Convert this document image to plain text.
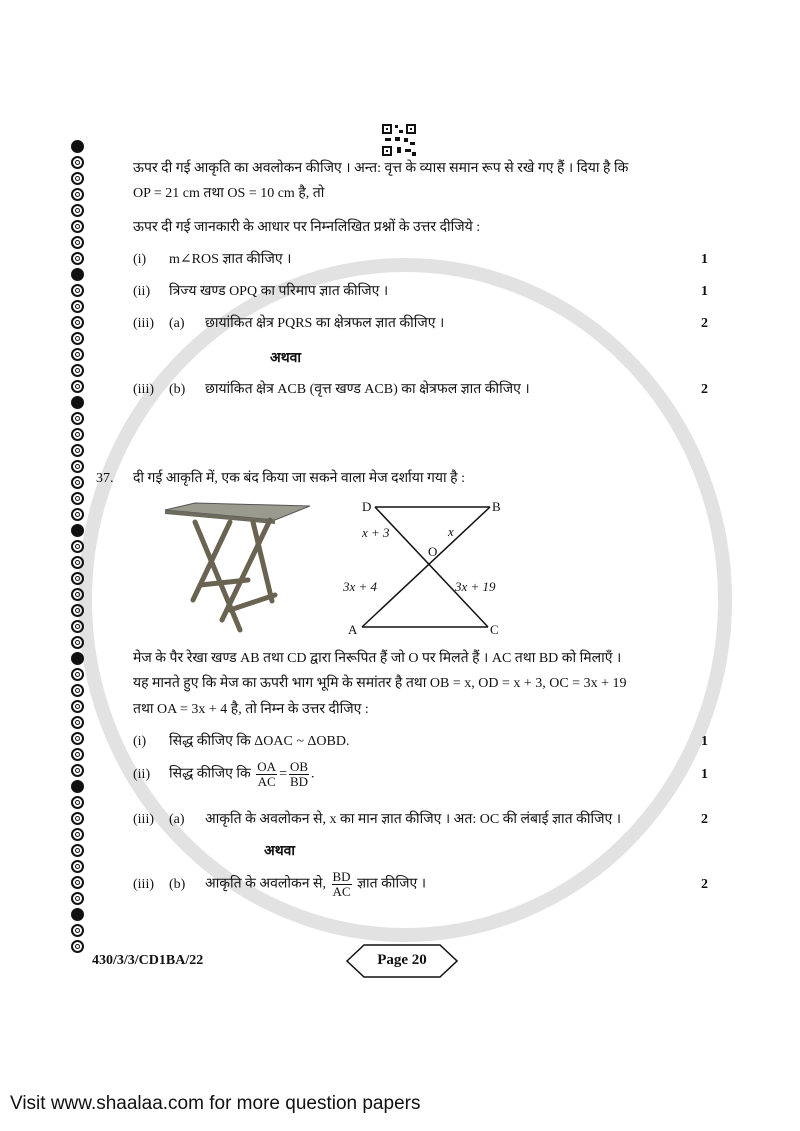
ऊपर दी गई आकृति का अवलोकन कीजिए । अन्त: वृत्त के व्यास समान रूप से रखे गए हैं । दिया है कि
OP = 21 cm तथा OS = 10 cm है, तो
ऊपर दी गई जानकारी के आधार पर निम्नलिखित प्रश्नों के उत्तर दीजिये :
(i) m∠ROS ज्ञात कीजिए ।	1
(ii) त्रिज्य खण्ड OPQ का परिमाप ज्ञात कीजिए ।	1
(iii) (a) छायांकित क्षेत्र PQRS का क्षेत्रफल ज्ञात कीजिए ।	2
अथवा
(iii) (b) छायांकित क्षेत्र ACB (वृत्त खण्ड ACB) का क्षेत्रफल ज्ञात कीजिए ।	2
37. दी गई आकृति में, एक बंद किया जा सकने वाला मेज दर्शाया गया है :
D	B
O
A	C
x + 3	x
3x + 4	3x + 19
मेज के पैर रेखा खण्ड AB तथा CD द्वारा निरूपित हैं जो O पर मिलते हैं । AC तथा BD को मिलाएँ ।
यह मानते हुए कि मेज का ऊपरी भाग भूमि के समांतर है तथा OB = x, OD = x + 3, OC = 3x + 19
तथा OA = 3x + 4 है, तो निम्न के उत्तर दीजिए :
(i) सिद्ध कीजिए कि ΔOAC ~ ΔOBD.	1
(ii) सिद्ध कीजिए कि $\frac{OA}{AC} = \frac{OB}{BD}$ .	1
(iii) (a) आकृति के अवलोकन से, x का मान ज्ञात कीजिए । अत: OC की लंबाई ज्ञात कीजिए ।	2
अथवा
(iii) (b) आकृति के अवलोकन से, $\frac{BD}{AC}$ ज्ञात कीजिए ।	2
430/3/3/CD1BA/22	Page 20
Visit www.shaalaa.com for more question papers
